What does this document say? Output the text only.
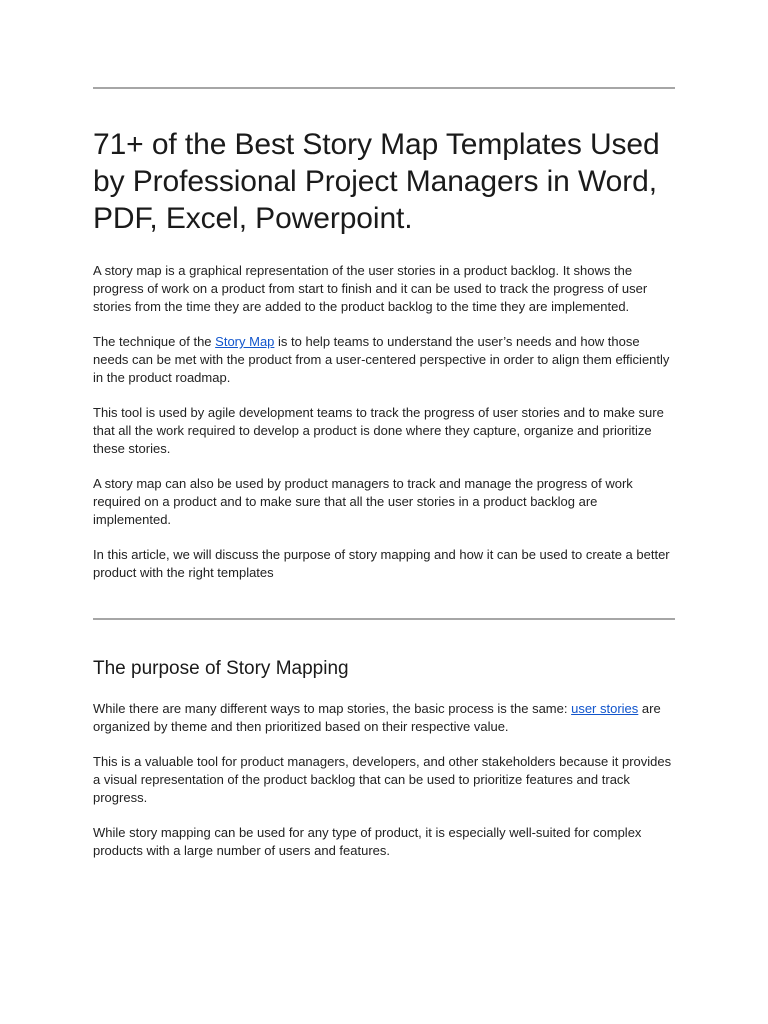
71+ of the Best Story Map Templates Used by Professional Project Managers in Word, PDF, Excel, Powerpoint.

A story map is a graphical representation of the user stories in a product backlog. It shows the progress of work on a product from start to finish and it can be used to track the progress of user stories from the time they are added to the product backlog to the time they are implemented.

The technique of the Story Map is to help teams to understand the user’s needs and how those needs can be met with the product from a user-centered perspective in order to align them efficiently in the product roadmap.

This tool is used by agile development teams to track the progress of user stories and to make sure that all the work required to develop a product is done where they capture, organize and prioritize these stories.

A story map can also be used by product managers to track and manage the progress of work required on a product and to make sure that all the user stories in a product backlog are implemented.

In this article, we will discuss the purpose of story mapping and how it can be used to create a better product with the right templates

The purpose of Story Mapping

While there are many different ways to map stories, the basic process is the same: user stories are organized by theme and then prioritized based on their respective value.

This is a valuable tool for product managers, developers, and other stakeholders because it provides a visual representation of the product backlog that can be used to prioritize features and track progress.

While story mapping can be used for any type of product, it is especially well-suited for complex products with a large number of users and features.
